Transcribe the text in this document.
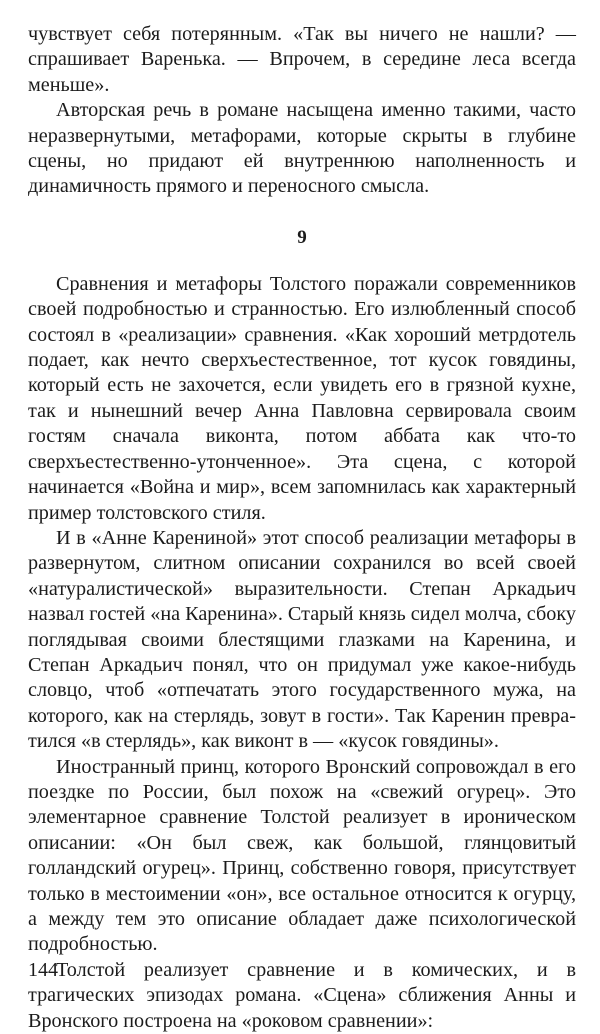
чувствует себя потерянным. «Так вы ничего не нашли? — спрашивает Варенька. — Впрочем, в середине леса всегда меньше».

Авторская речь в романе насыщена именно такими, часто неразвернутыми, метафорами, которые скрыты в глубине сцены, но придают ей внутреннюю наполненность и динамичность прямого и переносного смысла.

9

Сравнения и метафоры Толстого поражали современников своей подробностью и странностью. Его излюбленный способ состоял в «реализации» сравнения. «Как хороший метрдотель подает, как нечто сверхъестественное, тот кусок говядины, который есть не захочется, если увидеть его в грязной кухне, так и нынешний вечер Анна Павловна сервировала своим гостям сначала виконта, потом аббата как что-то сверхъестественно-утонченное». Эта сцена, с которой начинается «Война и мир», всем запомнилась как характерный пример толстовского стиля.

И в «Анне Карениной» этот способ реализации метафоры в развернутом, слитном описании сохранился во всей своей «натуралистической» выразительности. Степан Аркадьич назвал гостей «на Каренина». Старый князь сидел молча, сбоку поглядывая своими блестящими глазками на Каренина, и Степан Аркадьич понял, что он придумал уже какое-нибудь словцо, чтоб «отпечатать этого государственного мужа, на которого, как на стерлядь, зовут в гости». Так Каренин превратился «в стерлядь», как виконт в — «кусок говядины».

Иностранный принц, которого Вронский сопровождал в его поездке по России, был похож на «свежий огурец». Это элементарное сравнение Толстой реализует в ироническом описании: «Он был свеж, как большой, глянцовитый голландский огурец». Принц, собственно говоря, присутствует только в местоимении «он», все остальное относится к огурцу, а между тем это описание обладает даже психологической подробностью.

Толстой реализует сравнение и в комических, и в трагических эпизодах романа. «Сцена» сближения Анны и Вронского построена на «роковом сравнении»:

144
